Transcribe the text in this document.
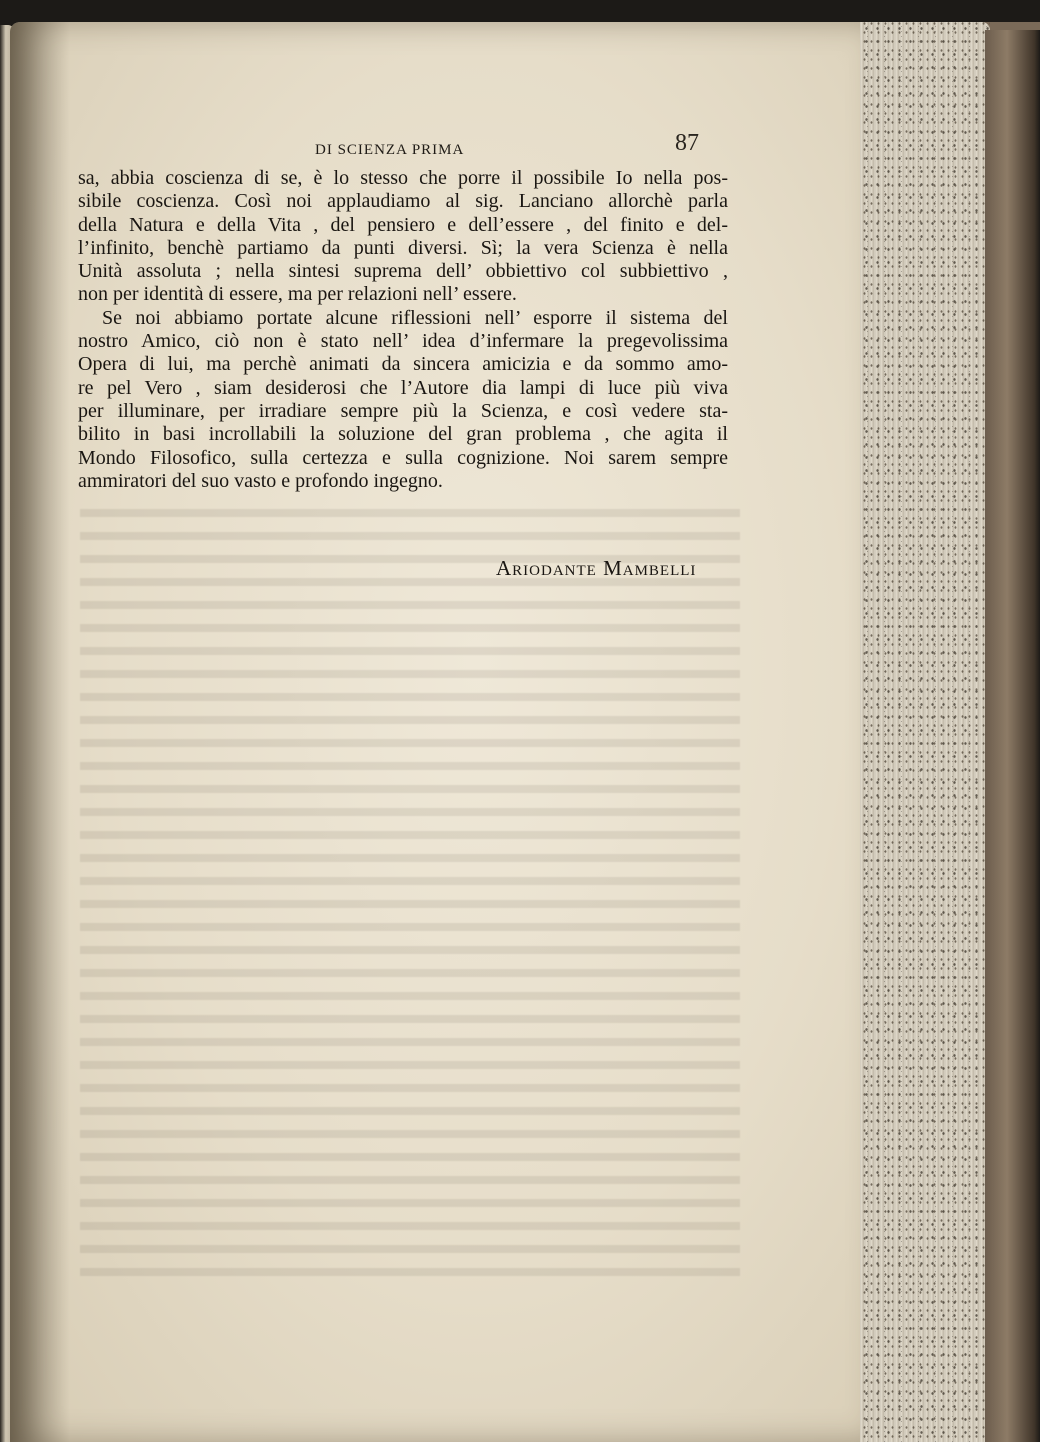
DI SCIENZA PRIMA	87
sa, abbia coscienza di se, è lo stesso che porre il possibile Io nella pos-
sibile coscienza. Così noi applaudiamo al sig. Lanciano allorchè parla
della Natura e della Vita , del pensiero e dell’essere , del finito e del-
l’infinito, benchè partiamo da punti diversi. Sì; la vera Scienza è nella
Unità assoluta ; nella sintesi suprema dell’ obbiettivo col subbiettivo ,
non per identità di essere, ma per relazioni nell’ essere.
Se noi abbiamo portate alcune riflessioni nell’ esporre il sistema del
nostro Amico, ciò non è stato nell’ idea d’infermare la pregevolissima
Opera di lui, ma perchè animati da sincera amicizia e da sommo amo-
re pel Vero , siam desiderosi che l’Autore dia lampi di luce più viva
per illuminare, per irradiare sempre più la Scienza, e così vedere sta-
bilito in basi incrollabili la soluzione del gran problema , che agita il
Mondo Filosofico, sulla certezza e sulla cognizione. Noi sarem sempre
ammiratori del suo vasto e profondo ingegno.
Ariodante Mambelli
